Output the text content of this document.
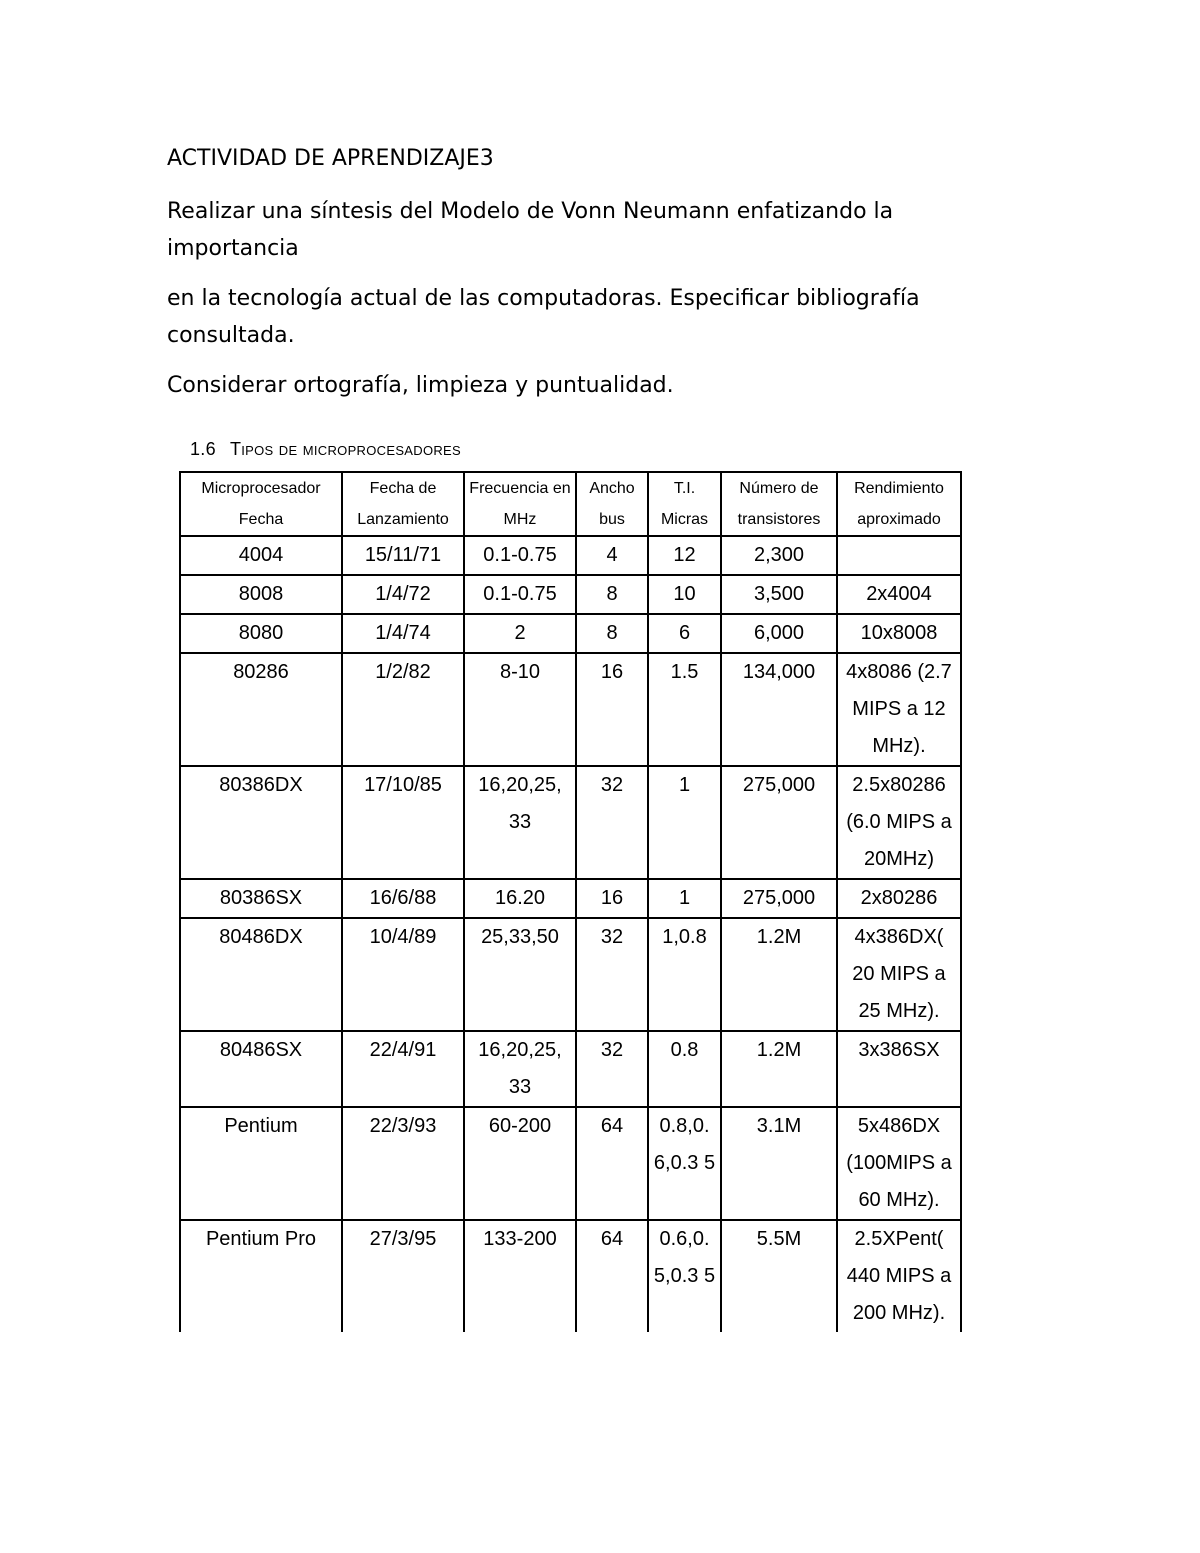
ACTIVIDAD DE APRENDIZAJE3
Realizar una síntesis del Modelo de Vonn Neumann enfatizando la importancia
en la tecnología actual de las computadoras. Especificar bibliografía consultada.
Considerar ortografía, limpieza y puntualidad.
1.6 Tipos de microprocesadores
Microprocesador Fecha	Fecha de Lanzamiento	Frecuencia en MHz	Ancho bus	T.I. Micras	Número de transistores	Rendimiento aproximado
4004	15/11/71	0.1-0.75	4	12	2,300	
8008	1/4/72	0.1-0.75	8	10	3,500	2x4004
8080	1/4/74	2	8	6	6,000	10x8008
80286	1/2/82	8-10	16	1.5	134,000	4x8086 (2.7 MIPS a 12 MHz).
80386DX	17/10/85	16,20,25, 33	32	1	275,000	2.5x80286 (6.0 MIPS a 20MHz)
80386SX	16/6/88	16.20	16	1	275,000	2x80286
80486DX	10/4/89	25,33,50	32	1,0.8	1.2M	4x386DX( 20 MIPS a 25 MHz).
80486SX	22/4/91	16,20,25, 33	32	0.8	1.2M	3x386SX
Pentium	22/3/93	60-200	64	0.8,0. 6,0.3 5	3.1M	5x486DX (100MIPS a 60 MHz).
Pentium Pro	27/3/95	133-200	64	0.6,0. 5,0.3 5	5.5M	2.5XPent( 440 MIPS a 200 MHz).
